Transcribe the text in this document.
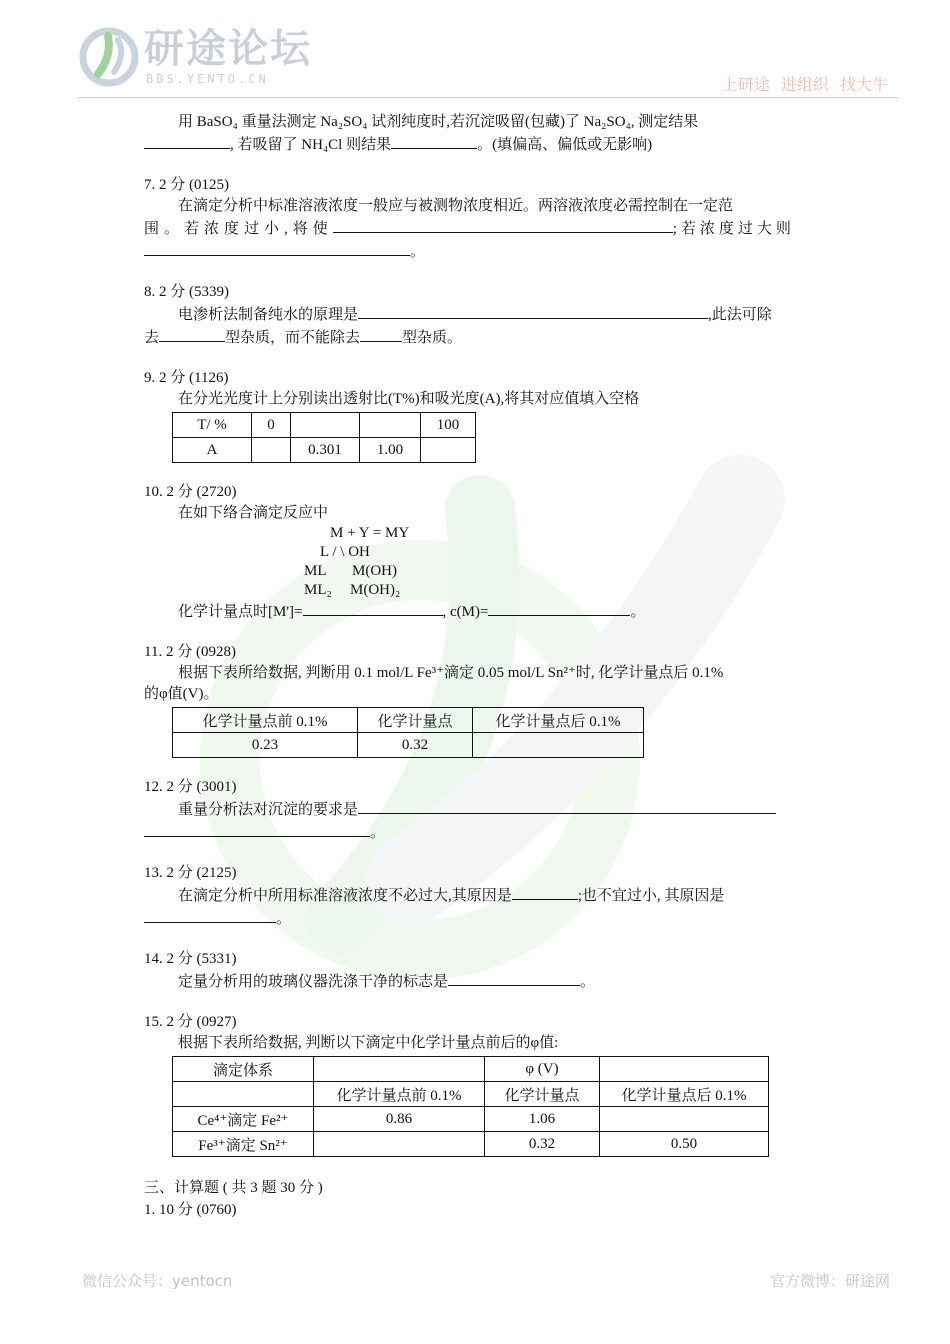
研途论坛
BBS.YENTO.CN	上研途 进组织 找大牛

用 BaSO₄ 重量法测定 Na₂SO₄ 试剂纯度时,若沉淀吸留(包藏)了 Na₂SO₄, 测定结果

, 若吸留了 NH₄Cl 则结果	。(填偏高、偏低或无影响)

7. 2 分 (0125)

在滴定分析中标准溶液浓度一般应与被测物浓度相近。两溶液浓度必需控制在一定范

围。若浓度过小,将使	;若浓度过大则

。

8. 2 分 (5339)

电渗析法制备纯水的原理是	,此法可除

去	型杂质，而不能除去	型杂质。

9. 2 分 (1126)

在分光光度计上分别读出透射比(T%)和吸光度(A),将其对应值填入空格

T/ %	0			100
A		0.301	1.00	
10. 2 分 (2720)

在如下络合滴定反应中

M + Y = MY
L / \ OH
ML M(OH)
ML₂ M(OH)₂

化学计量点时[M']=	, c(M)=	。

11. 2 分 (0928)

根据下表所给数据, 判断用 0.1 mol/L Fe³⁺滴定 0.05 mol/L Sn²⁺时, 化学计量点后 0.1%

的φ值(V)。

化学计量点前 0.1%	化学计量点	化学计量点后 0.1%
0.23	0.32	
12. 2 分 (3001)

重量分析法对沉淀的要求是

。

13. 2 分 (2125)

在滴定分析中所用标准溶液浓度不必过大,其原因是	;也不宜过小, 其原因是

。

14. 2 分 (5331)

定量分析用的玻璃仪器洗涤干净的标志是	。

15. 2 分 (0927)

根据下表所给数据, 判断以下滴定中化学计量点前后的φ值:

滴定体系		φ (V)	
	化学计量点前 0.1%	化学计量点	化学计量点后 0.1%
Ce⁴⁺滴定 Fe²⁺	0.86	1.06	
Fe³⁺滴定 Sn²⁺		0.32	0.50
三、计算题 ( 共 3 题 30 分 )
1. 10 分 (0760)
微信公众号：yentocn	官方微博：研途网
